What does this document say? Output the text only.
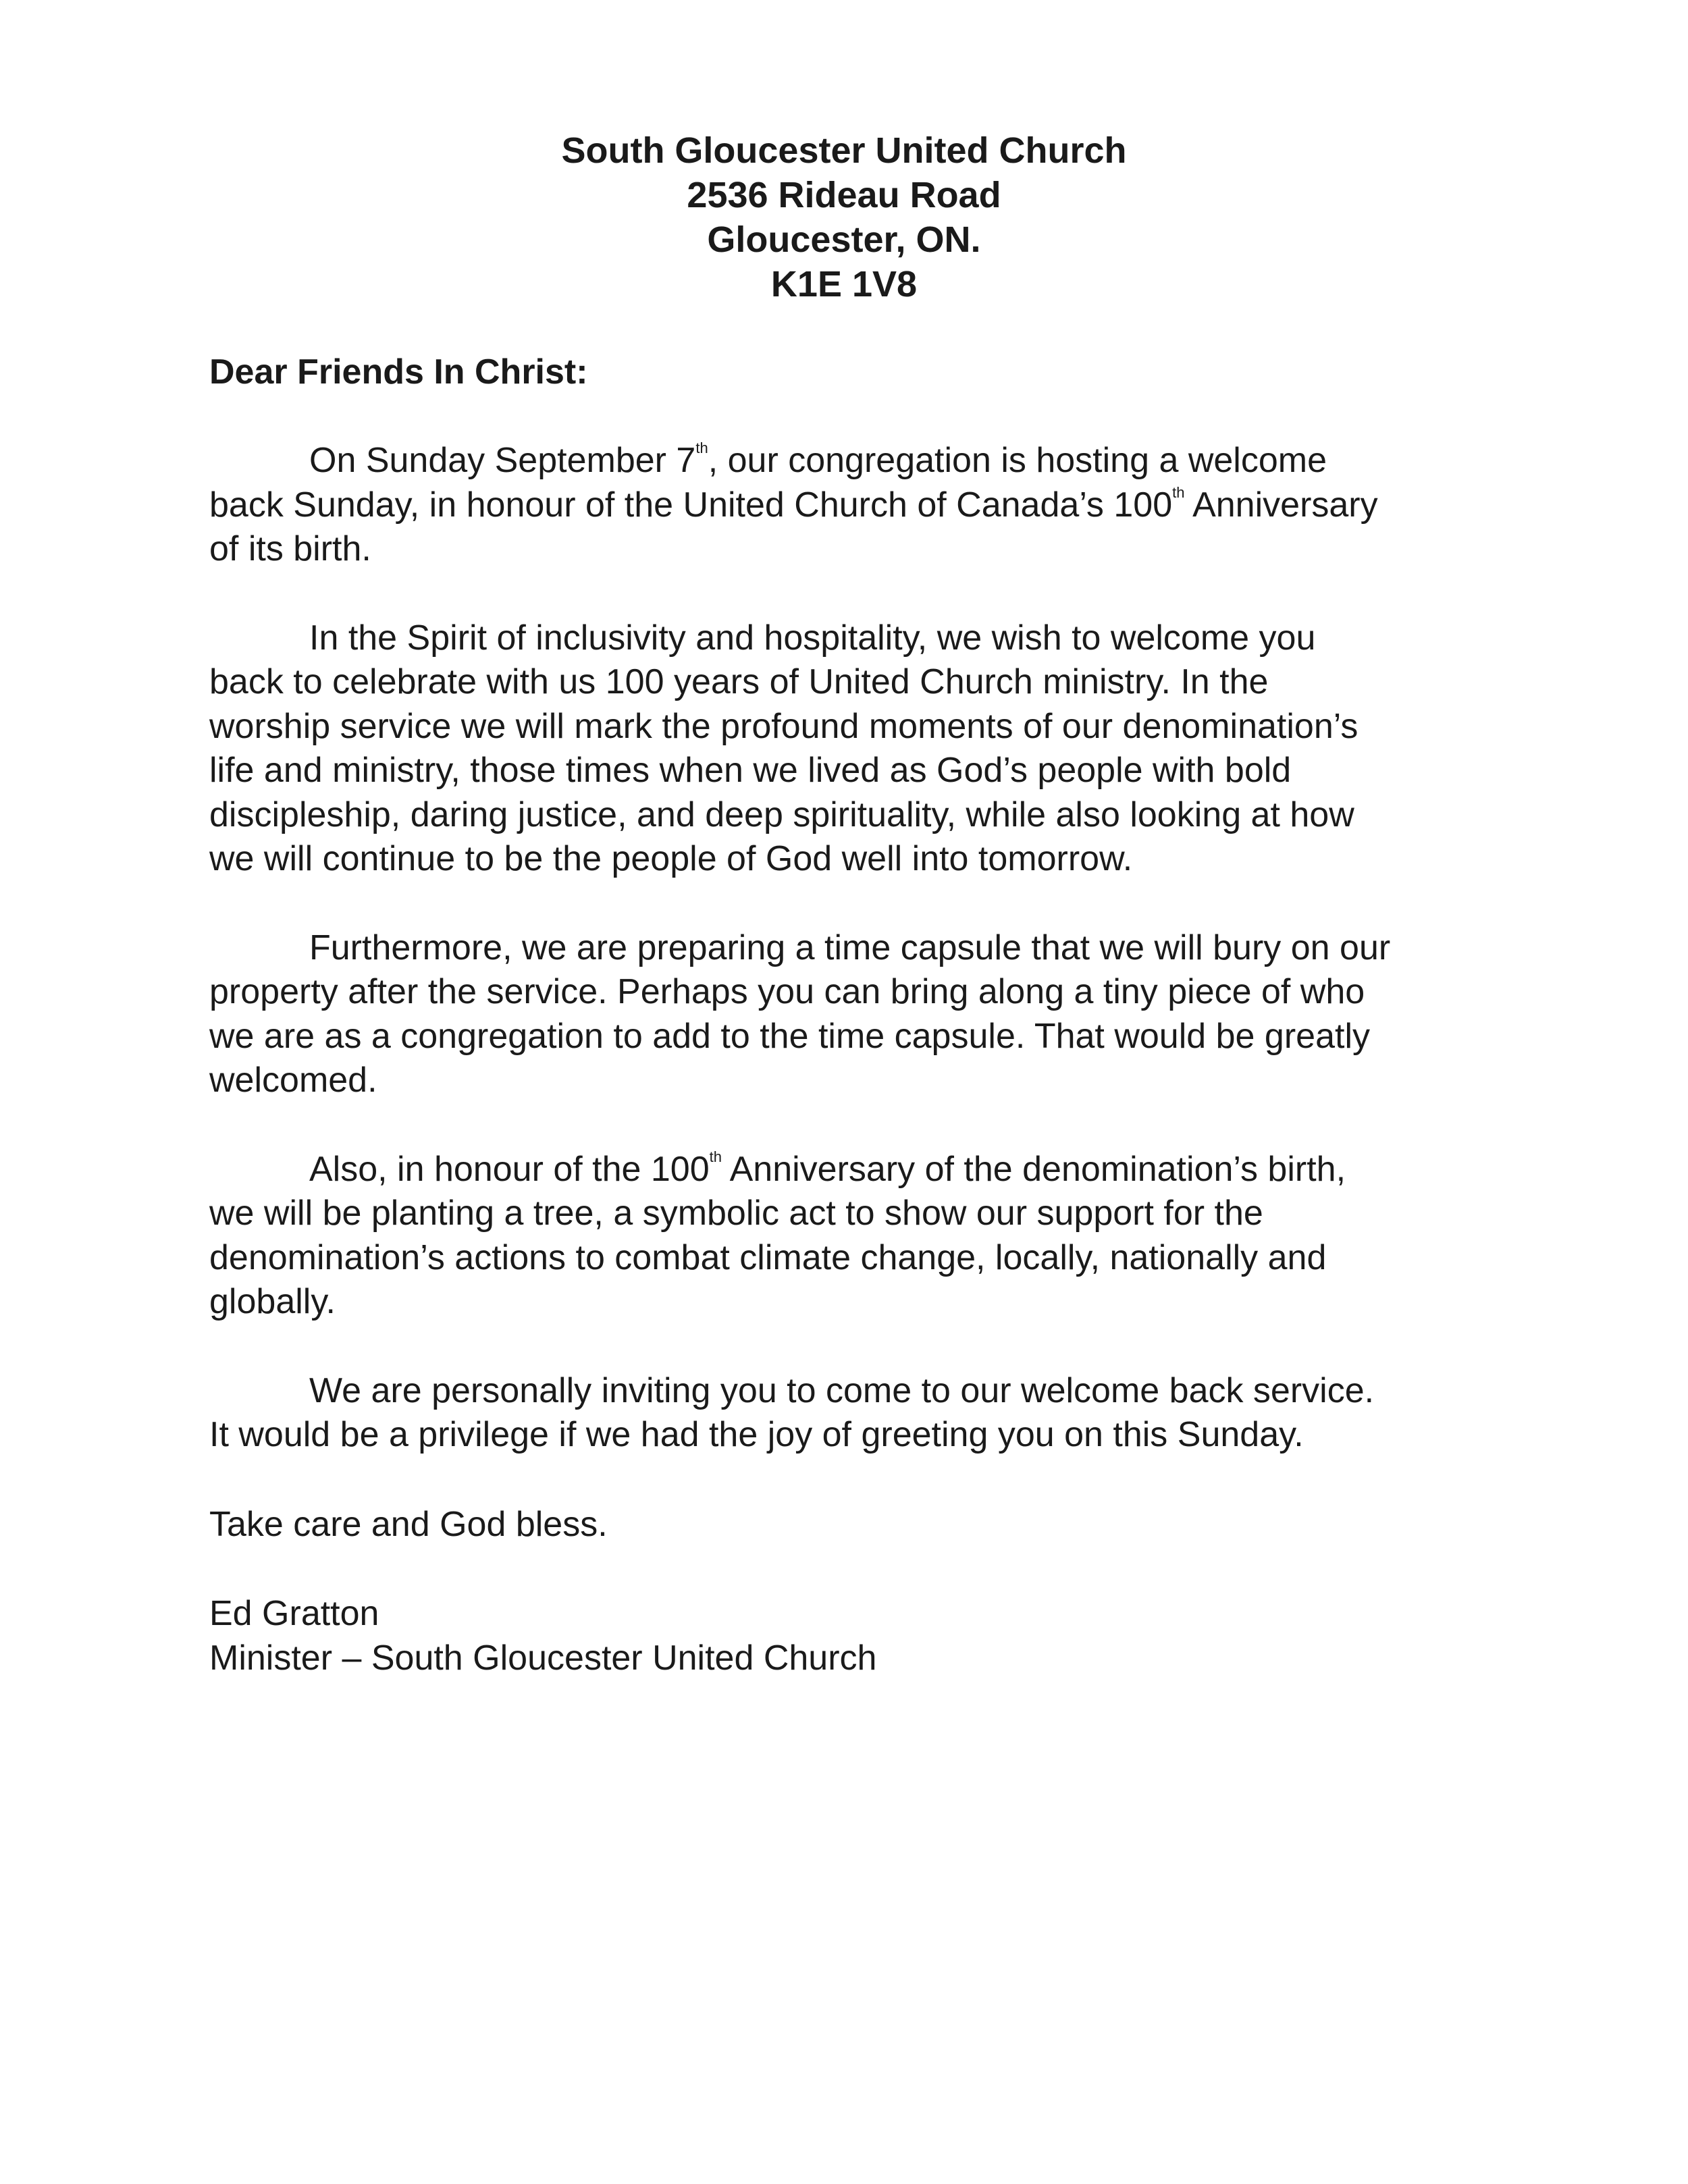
South Gloucester United Church
2536 Rideau Road
Gloucester, ON.
K1E 1V8
Dear Friends In Christ:
On Sunday September 7th, our congregation is hosting a welcome
back Sunday, in honour of the United Church of Canada’s 100th Anniversary
of its birth.
In the Spirit of inclusivity and hospitality, we wish to welcome you
back to celebrate with us 100 years of United Church ministry. In the
worship service we will mark the profound moments of our denomination’s
life and ministry, those times when we lived as God’s people with bold
discipleship, daring justice, and deep spirituality, while also looking at how
we will continue to be the people of God well into tomorrow.
Furthermore, we are preparing a time capsule that we will bury on our
property after the service. Perhaps you can bring along a tiny piece of who
we are as a congregation to add to the time capsule. That would be greatly
welcomed.
Also, in honour of the 100th Anniversary of the denomination’s birth,
we will be planting a tree, a symbolic act to show our support for the
denomination’s actions to combat climate change, locally, nationally and
globally.
We are personally inviting you to come to our welcome back service.
It would be a privilege if we had the joy of greeting you on this Sunday.
Take care and God bless.
Ed Gratton
Minister – South Gloucester United Church
